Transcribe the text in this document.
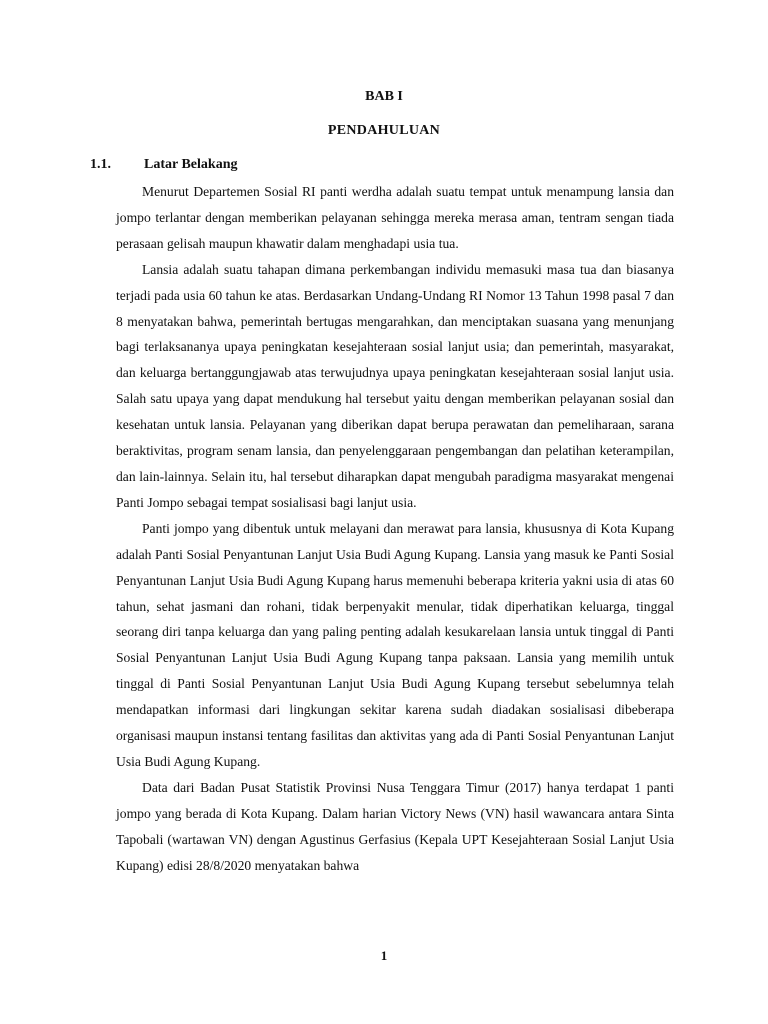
BAB I
PENDAHULUAN
1.1. Latar Belakang

Menurut Departemen Sosial RI panti werdha adalah suatu tempat untuk menampung lansia dan jompo terlantar dengan memberikan pelayanan sehingga mereka merasa aman, tentram sengan tiada perasaan gelisah maupun khawatir dalam menghadapi usia tua.

Lansia adalah suatu tahapan dimana perkembangan individu memasuki masa tua dan biasanya terjadi pada usia 60 tahun ke atas. Berdasarkan Undang-Undang RI Nomor 13 Tahun 1998 pasal 7 dan 8 menyatakan bahwa, pemerintah bertugas mengarahkan, dan menciptakan suasana yang menunjang bagi terlaksananya upaya peningkatan kesejahteraan sosial lanjut usia; dan pemerintah, masyarakat, dan keluarga bertanggungjawab atas terwujudnya upaya peningkatan kesejahteraan sosial lanjut usia. Salah satu upaya yang dapat mendukung hal tersebut yaitu dengan memberikan pelayanan sosial dan kesehatan untuk lansia. Pelayanan yang diberikan dapat berupa perawatan dan pemeliharaan, sarana beraktivitas, program senam lansia, dan penyelenggaraan pengembangan dan pelatihan keterampilan, dan lain-lainnya. Selain itu, hal tersebut diharapkan dapat mengubah paradigma masyarakat mengenai Panti Jompo sebagai tempat sosialisasi bagi lanjut usia.

Panti jompo yang dibentuk untuk melayani dan merawat para lansia, khususnya di Kota Kupang adalah Panti Sosial Penyantunan Lanjut Usia Budi Agung Kupang. Lansia yang masuk ke Panti Sosial Penyantunan Lanjut Usia Budi Agung Kupang harus memenuhi beberapa kriteria yakni usia di atas 60 tahun, sehat jasmani dan rohani, tidak berpenyakit menular, tidak diperhatikan keluarga, tinggal seorang diri tanpa keluarga dan yang paling penting adalah kesukarelaan lansia untuk tinggal di Panti Sosial Penyantunan Lanjut Usia Budi Agung Kupang tanpa paksaan. Lansia yang memilih untuk tinggal di Panti Sosial Penyantunan Lanjut Usia Budi Agung Kupang tersebut sebelumnya telah mendapatkan informasi dari lingkungan sekitar karena sudah diadakan sosialisasi dibeberapa organisasi maupun instansi tentang fasilitas dan aktivitas yang ada di Panti Sosial Penyantunan Lanjut Usia Budi Agung Kupang.

Data dari Badan Pusat Statistik Provinsi Nusa Tenggara Timur (2017) hanya terdapat 1 panti jompo yang berada di Kota Kupang. Dalam harian Victory News (VN) hasil wawancara antara Sinta Tapobali (wartawan VN) dengan Agustinus Gerfasius (Kepala UPT Kesejahteraan Sosial Lanjut Usia Kupang) edisi 28/8/2020 menyatakan bahwa

1
